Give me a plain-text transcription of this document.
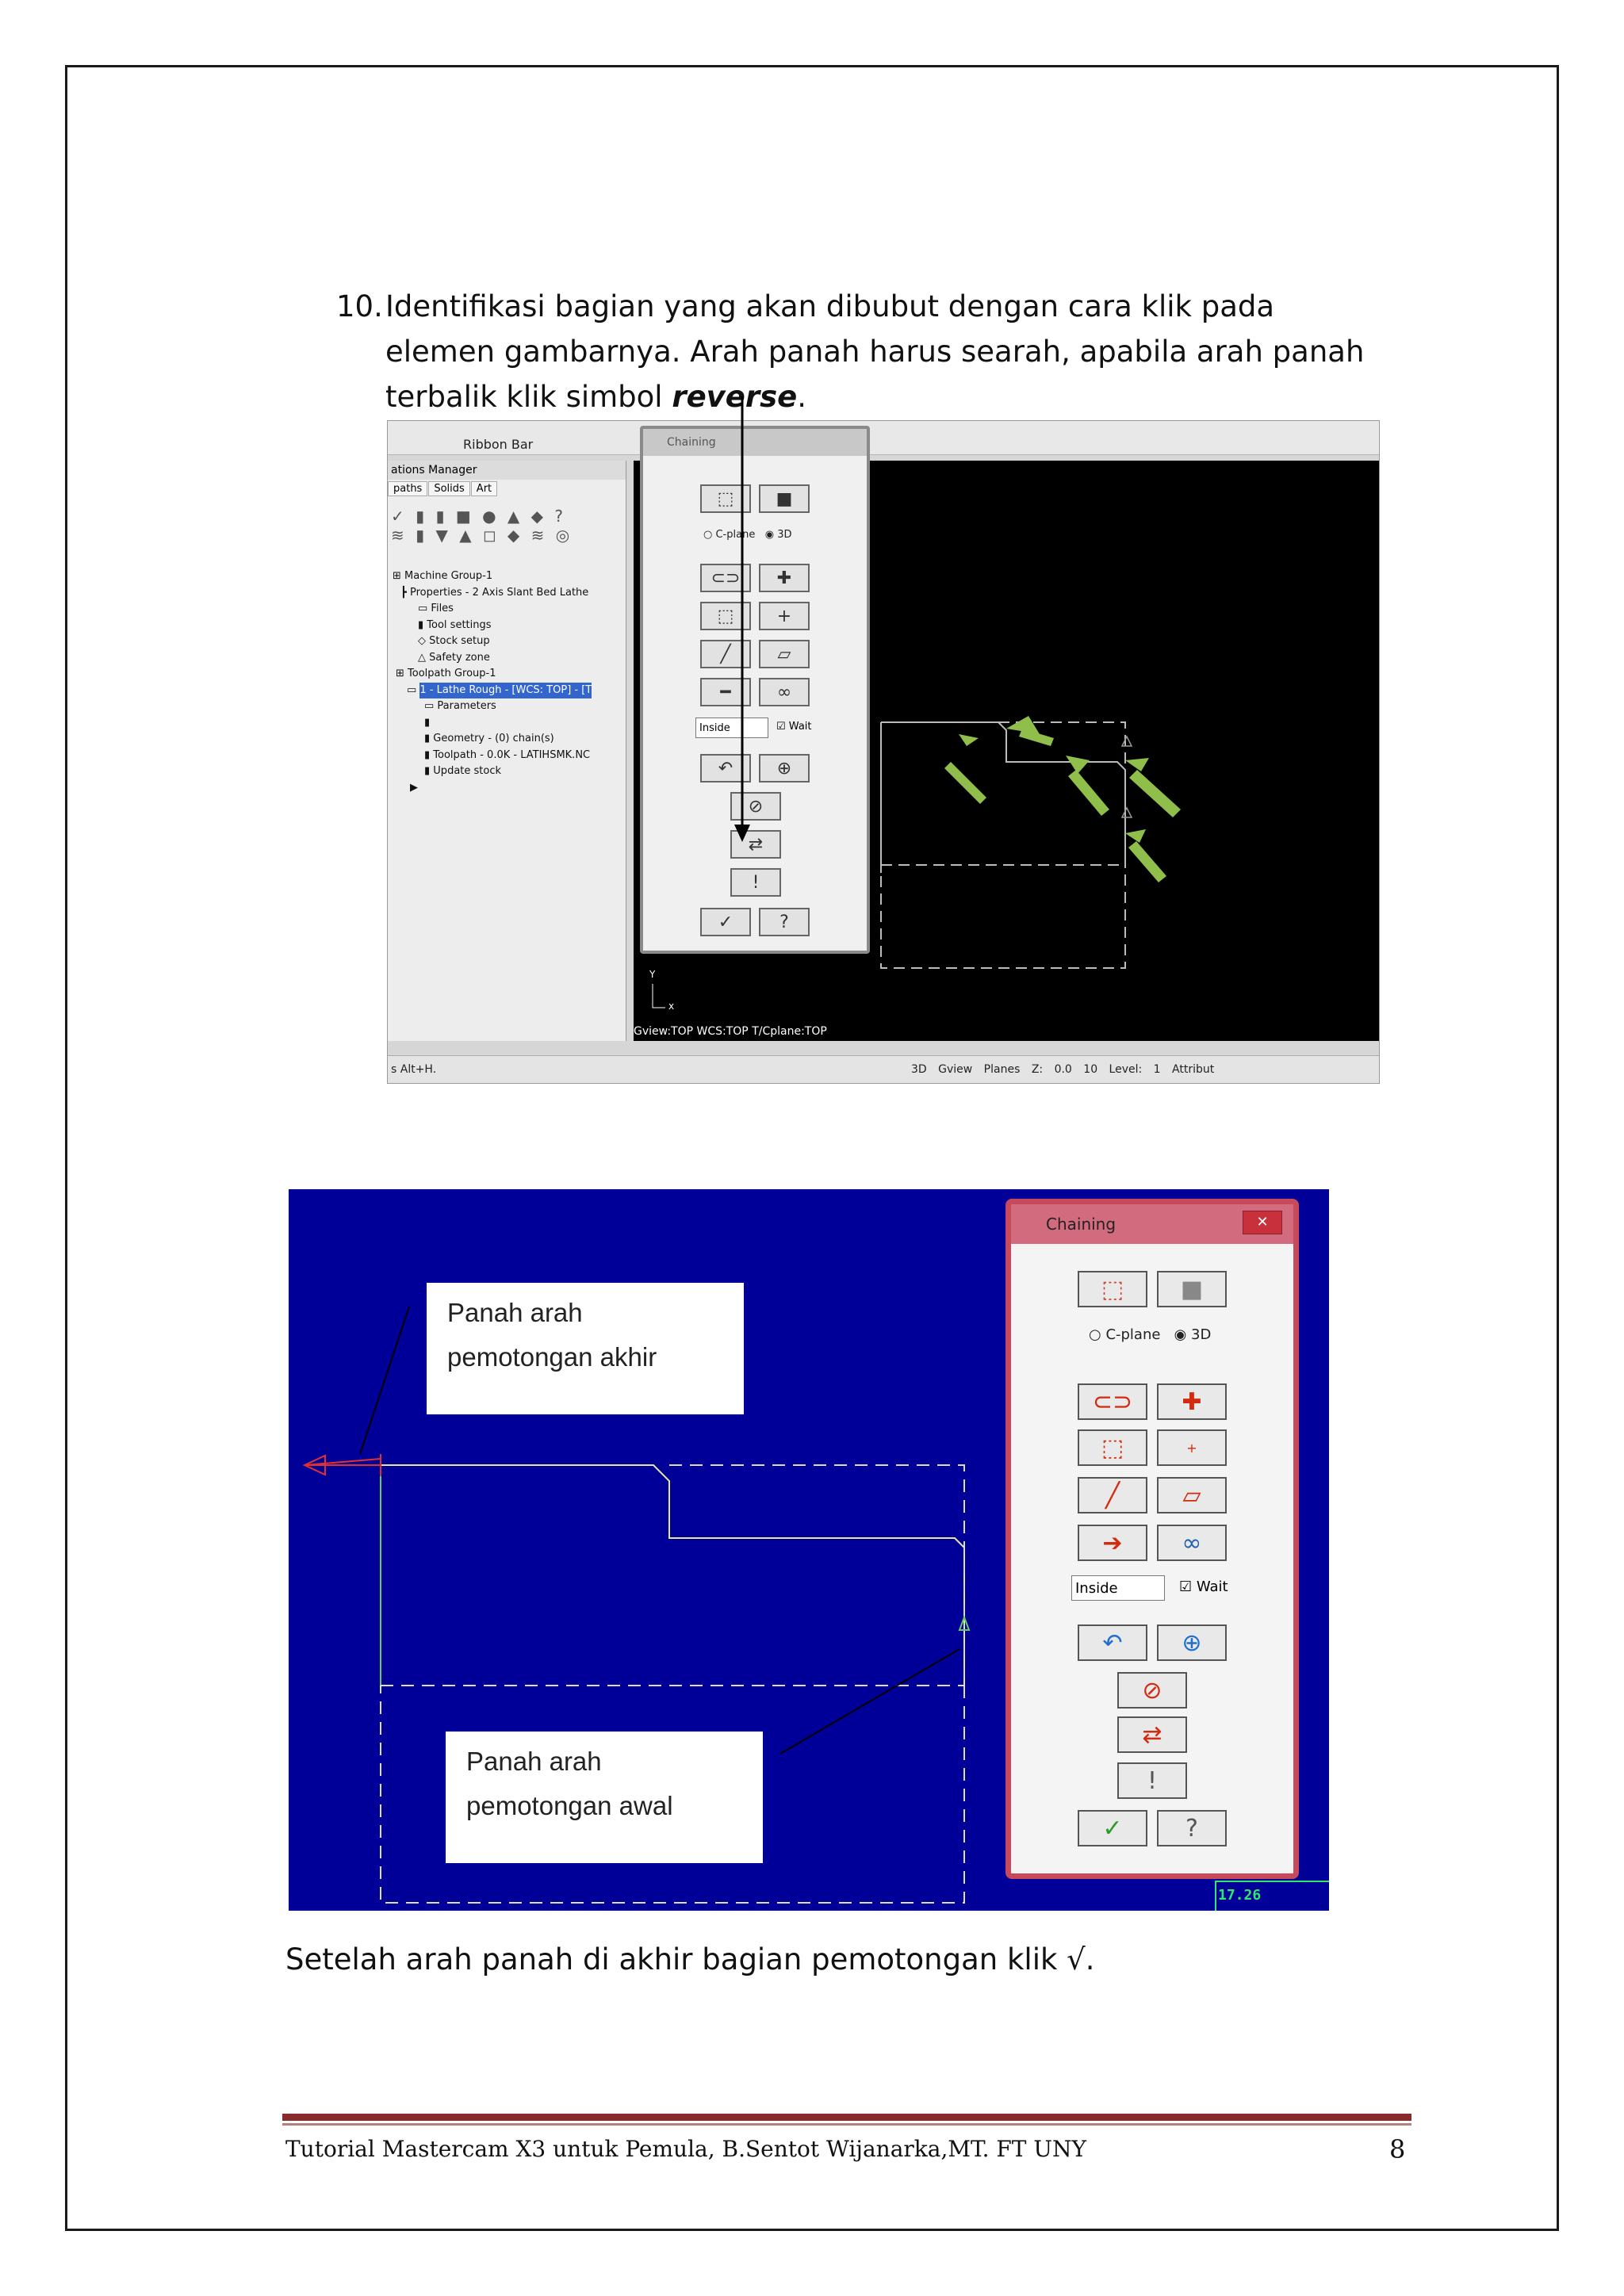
10. Identifikasi bagian yang akan dibubut dengan cara klik pada
elemen gambarnya. Arah panah harus searah, apabila arah panah
terbalik klik simbol reverse.
Ribbon Bar
ations Manager
paths Solids Art
✓ ▮ ▮ ■ ● ▲ ◆ ?
≋ ▮ ▼ ▲ ◻ ◆ ≋ ◎
⊞ Machine Group-1
┣ Properties - 2 Axis Slant Bed Lathe
▭ Files
▮ Tool settings
◇ Stock setup
△ Safety zone
⊞ Toolpath Group-1
▭ 1 - Lathe Rough - [WCS: TOP] - [T
▭ Parameters
▮
▮ Geometry - (0) chain(s)
▮ Toolpath - 0.0K - LATIHSMK.NC
▮ Update stock
▶
Y
x
Gview:TOP WCS:TOP T/Cplane:TOP
Chaining
⬚	■
○ C-plane   ◉ 3D
⊂⊃	✚
⬚	+
╱	▱
━	∞
Inside	☑ Wait
↶	⊕
⊘
⇄
!
✓	?
s Alt+H.	3D Gview Planes Z: 0.0 10 Level: 1 Attribut
Panah arah
pemotongan akhir
Panah arah
pemotongan awal
Chaining	✕
⬚	■
○ C-plane   ◉ 3D
⊂⊃	✚
⬚	+
╱	▱
➔	∞
Inside	☑ Wait
↶	⊕
⊘
⇄
!
✓	?
17.26
Setelah arah panah di akhir bagian pemotongan klik √.
Tutorial Mastercam X3 untuk Pemula, B.Sentot Wijanarka,MT. FT UNY	8
